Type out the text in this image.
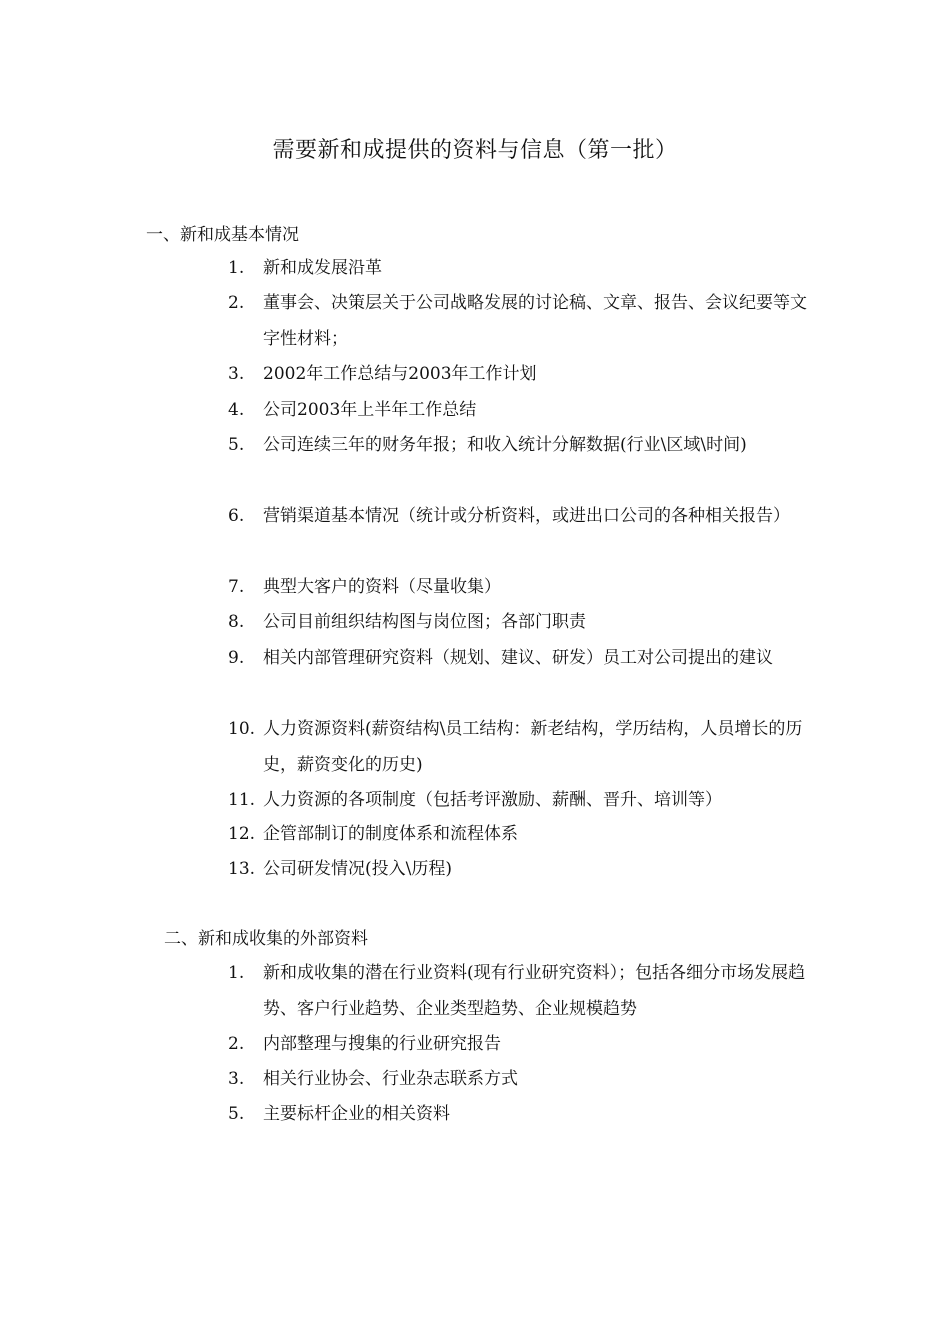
需要新和成提供的资料与信息（第一批）
一、新和成基本情况
1.	新和成发展沿革
2.	董事会、决策层关于公司战略发展的讨论稿、文章、报告、会议纪要等文字性材料；
3.	2002年工作总结与2003年工作计划
4.	公司2003年上半年工作总结
5.	公司连续三年的财务年报；和收入统计分解数据(行业\区域\时间)
6.	营销渠道基本情况（统计或分析资料，或进出口公司的各种相关报告）
7.	典型大客户的资料（尽量收集）
8.	公司目前组织结构图与岗位图；各部门职责
9.	相关内部管理研究资料（规划、建议、研发）员工对公司提出的建议
10. 人力资源资料(薪资结构\员工结构：新老结构，学历结构，人员增长的历史，薪资变化的历史)
11. 人力资源的各项制度（包括考评激励、薪酬、晋升、培训等）
12. 企管部制订的制度体系和流程体系
13. 公司研发情况(投入\历程)
二、新和成收集的外部资料
1.	新和成收集的潜在行业资料(现有行业研究资料）；包括各细分市场发展趋势、客户行业趋势、企业类型趋势、企业规模趋势
2.	内部整理与搜集的行业研究报告
3.	相关行业协会、行业杂志联系方式
5.	主要标杆企业的相关资料
